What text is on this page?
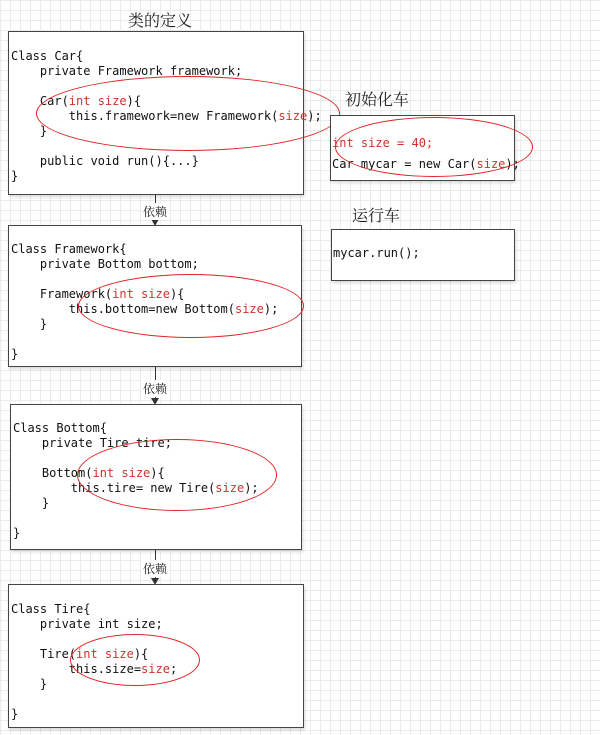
类的定义
初始化车
运行车
Class Car{
private Framework framework;
Car(int size){
this.framework=new Framework(size);
}
public void run(){...}
}
依赖
Class Framework{
private Bottom bottom;
Framework(int size){
this.bottom=new Bottom(size);
}
}
依赖
Class Bottom{
private Tire tire;
Bottom(int size){
this.tire= new Tire(size);
}
}
依赖
Class Tire{
private int size;
Tire(int size){
this.size=size;
}
}
int size = 40;
Car mycar = new Car(size);
mycar.run();
